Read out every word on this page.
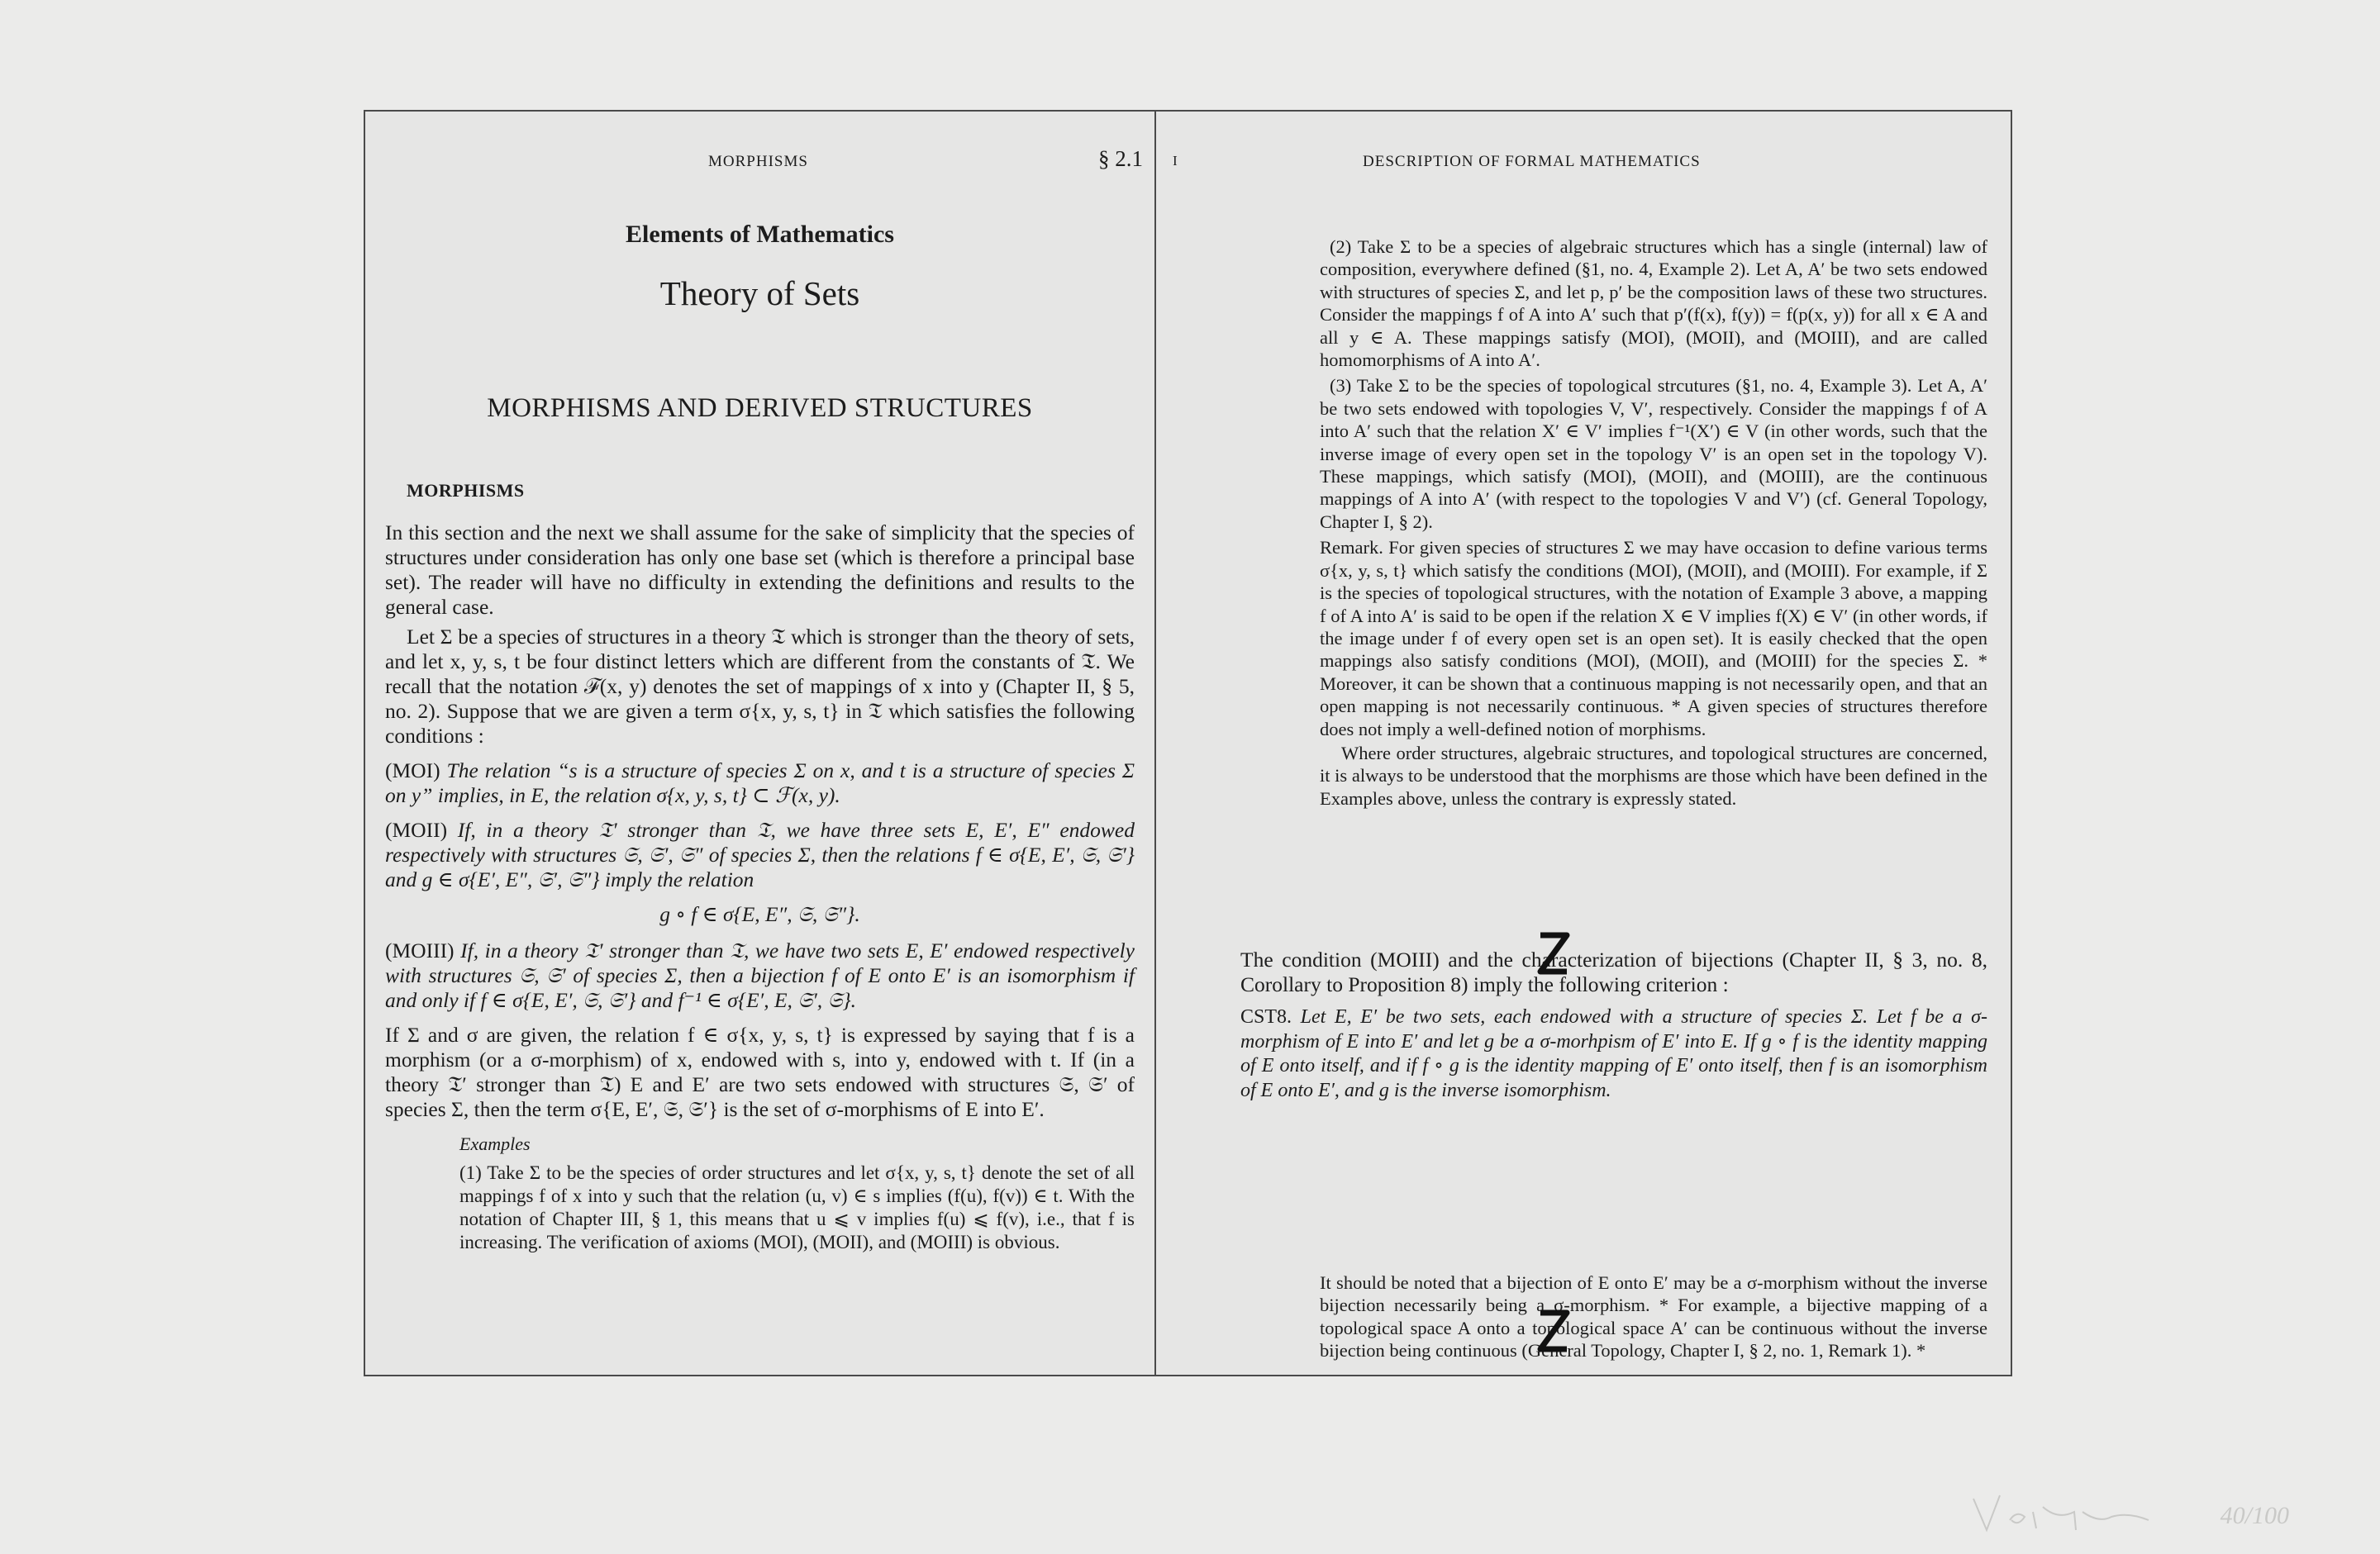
MORPHISMS	§ 2.1
Elements of Mathematics
Theory of Sets
MORPHISMS AND DERIVED STRUCTURES
MORPHISMS

In this section and the next we shall assume for the sake of simplicity that the species of structures under consideration has only one base set (which is therefore a principal base set). The reader will have no difficulty in extending the definitions and results to the general case.

Let Σ be a species of structures in a theory 𝔗 which is stronger than the theory of sets, and let x, y, s, t be four distinct letters which are different from the constants of 𝔗. We recall that the notation ℱ(x, y) denotes the set of mappings of x into y (Chapter II, § 5, no. 2). Suppose that we are given a term σ{x, y, s, t} in 𝔗 which satisfies the following conditions :

(MOI) The relation “s is a structure of species Σ on x, and t is a structure of species Σ on y” implies, in E, the relation σ{x, y, s, t} ⊂ ℱ(x, y).

(MOII) If, in a theory 𝔗′ stronger than 𝔗, we have three sets E, E′, E″ endowed respectively with structures 𝔖, 𝔖′, 𝔖″ of species Σ, then the relations f ∈ σ{E, E′, 𝔖, 𝔖′} and g ∈ σ{E′, E″, 𝔖′, 𝔖″} imply the relation

g ∘ f ∈ σ{E, E″, 𝔖, 𝔖″}.

(MOIII) If, in a theory 𝔗′ stronger than 𝔗, we have two sets E, E′ endowed respectively with structures 𝔖, 𝔖′ of species Σ, then a bijection f of E onto E′ is an isomorphism if and only if f ∈ σ{E, E′, 𝔖, 𝔖′} and f⁻¹ ∈ σ{E′, E, 𝔖′, 𝔖}.

If Σ and σ are given, the relation f ∈ σ{x, y, s, t} is expressed by saying that f is a morphism (or a σ-morphism) of x, endowed with s, into y, endowed with t. If (in a theory 𝔗′ stronger than 𝔗) E and E′ are two sets endowed with structures 𝔖, 𝔖′ of species Σ, then the term σ{E, E′, 𝔖, 𝔖′} is the set of σ-morphisms of E into E′.

Examples

(1) Take Σ to be the species of order structures and let σ{x, y, s, t} denote the set of all mappings f of x into y such that the relation (u, v) ∈ s implies (f(u), f(v)) ∈ t. With the notation of Chapter III, § 1, this means that u ⩽ v implies f(u) ⩽ f(v), i.e., that f is increasing. The verification of axioms (MOI), (MOII), and (MOIII) is obvious.

I	DESCRIPTION OF FORMAL MATHEMATICS

(2) Take Σ to be a species of algebraic structures which has a single (internal) law of composition, everywhere defined (§1, no. 4, Example 2). Let A, A′ be two sets endowed with structures of species Σ, and let p, p′ be the composition laws of these two structures. Consider the mappings f of A into A′ such that p′(f(x), f(y)) = f(p(x, y)) for all x ∈ A and all y ∈ A. These mappings satisfy (MOI), (MOII), and (MOIII), and are called homomorphisms of A into A′.

(3) Take Σ to be the species of topological strcutures (§1, no. 4, Example 3). Let A, A′ be two sets endowed with topologies V, V′, respectively. Consider the mappings f of A into A′ such that the relation X′ ∈ V′ implies f⁻¹(X′) ∈ V (in other words, such that the inverse image of every open set in the topology V′ is an open set in the topology V). These mappings, which satisfy (MOI), (MOII), and (MOIII), are the continuous mappings of A into A′ (with respect to the topologies V and V′) (cf. General Topology, Chapter I, § 2).

Remark. For given species of structures Σ we may have occasion to define various terms σ{x, y, s, t} which satisfy the conditions (MOI), (MOII), and (MOIII). For example, if Σ is the species of topological structures, with the notation of Example 3 above, a mapping f of A into A′ is said to be open if the relation X ∈ V implies f(X) ∈ V′ (in other words, if the image under f of every open set is an open set). It is easily checked that the open mappings also satisfy conditions (MOI), (MOII), and (MOIII) for the species Σ. * Moreover, it can be shown that a continuous mapping is not necessarily open, and that an open mapping is not necessarily continuous. * A given species of structures therefore does not imply a well-defined notion of morphisms.

Where order structures, algebraic structures, and topological structures are concerned, it is always to be understood that the morphisms are those which have been defined in the Examples above, unless the contrary is expressly stated.

The condition (MOIII) and the characterization of bijections (Chapter II, § 3, no. 8, Corollary to Proposition 8) imply the following criterion :

CST8. Let E, E′ be two sets, each endowed with a structure of species Σ. Let f be a σ-morphism of E into E′ and let g be a σ-morhpism of E′ into E. If g ∘ f is the identity mapping of E onto itself, and if f ∘ g is the identity mapping of E′ onto itself, then f is an isomorphism of E onto E′, and g is the inverse isomorphism.

It should be noted that a bijection of E onto E′ may be a σ-morphism without the inverse bijection necessarily being a σ-morphism. * For example, a bijective mapping of a topological space A onto a topological space A′ can be continuous without the inverse bijection being continuous (General Topology, Chapter I, § 2, no. 1, Remark 1). *

40/100
